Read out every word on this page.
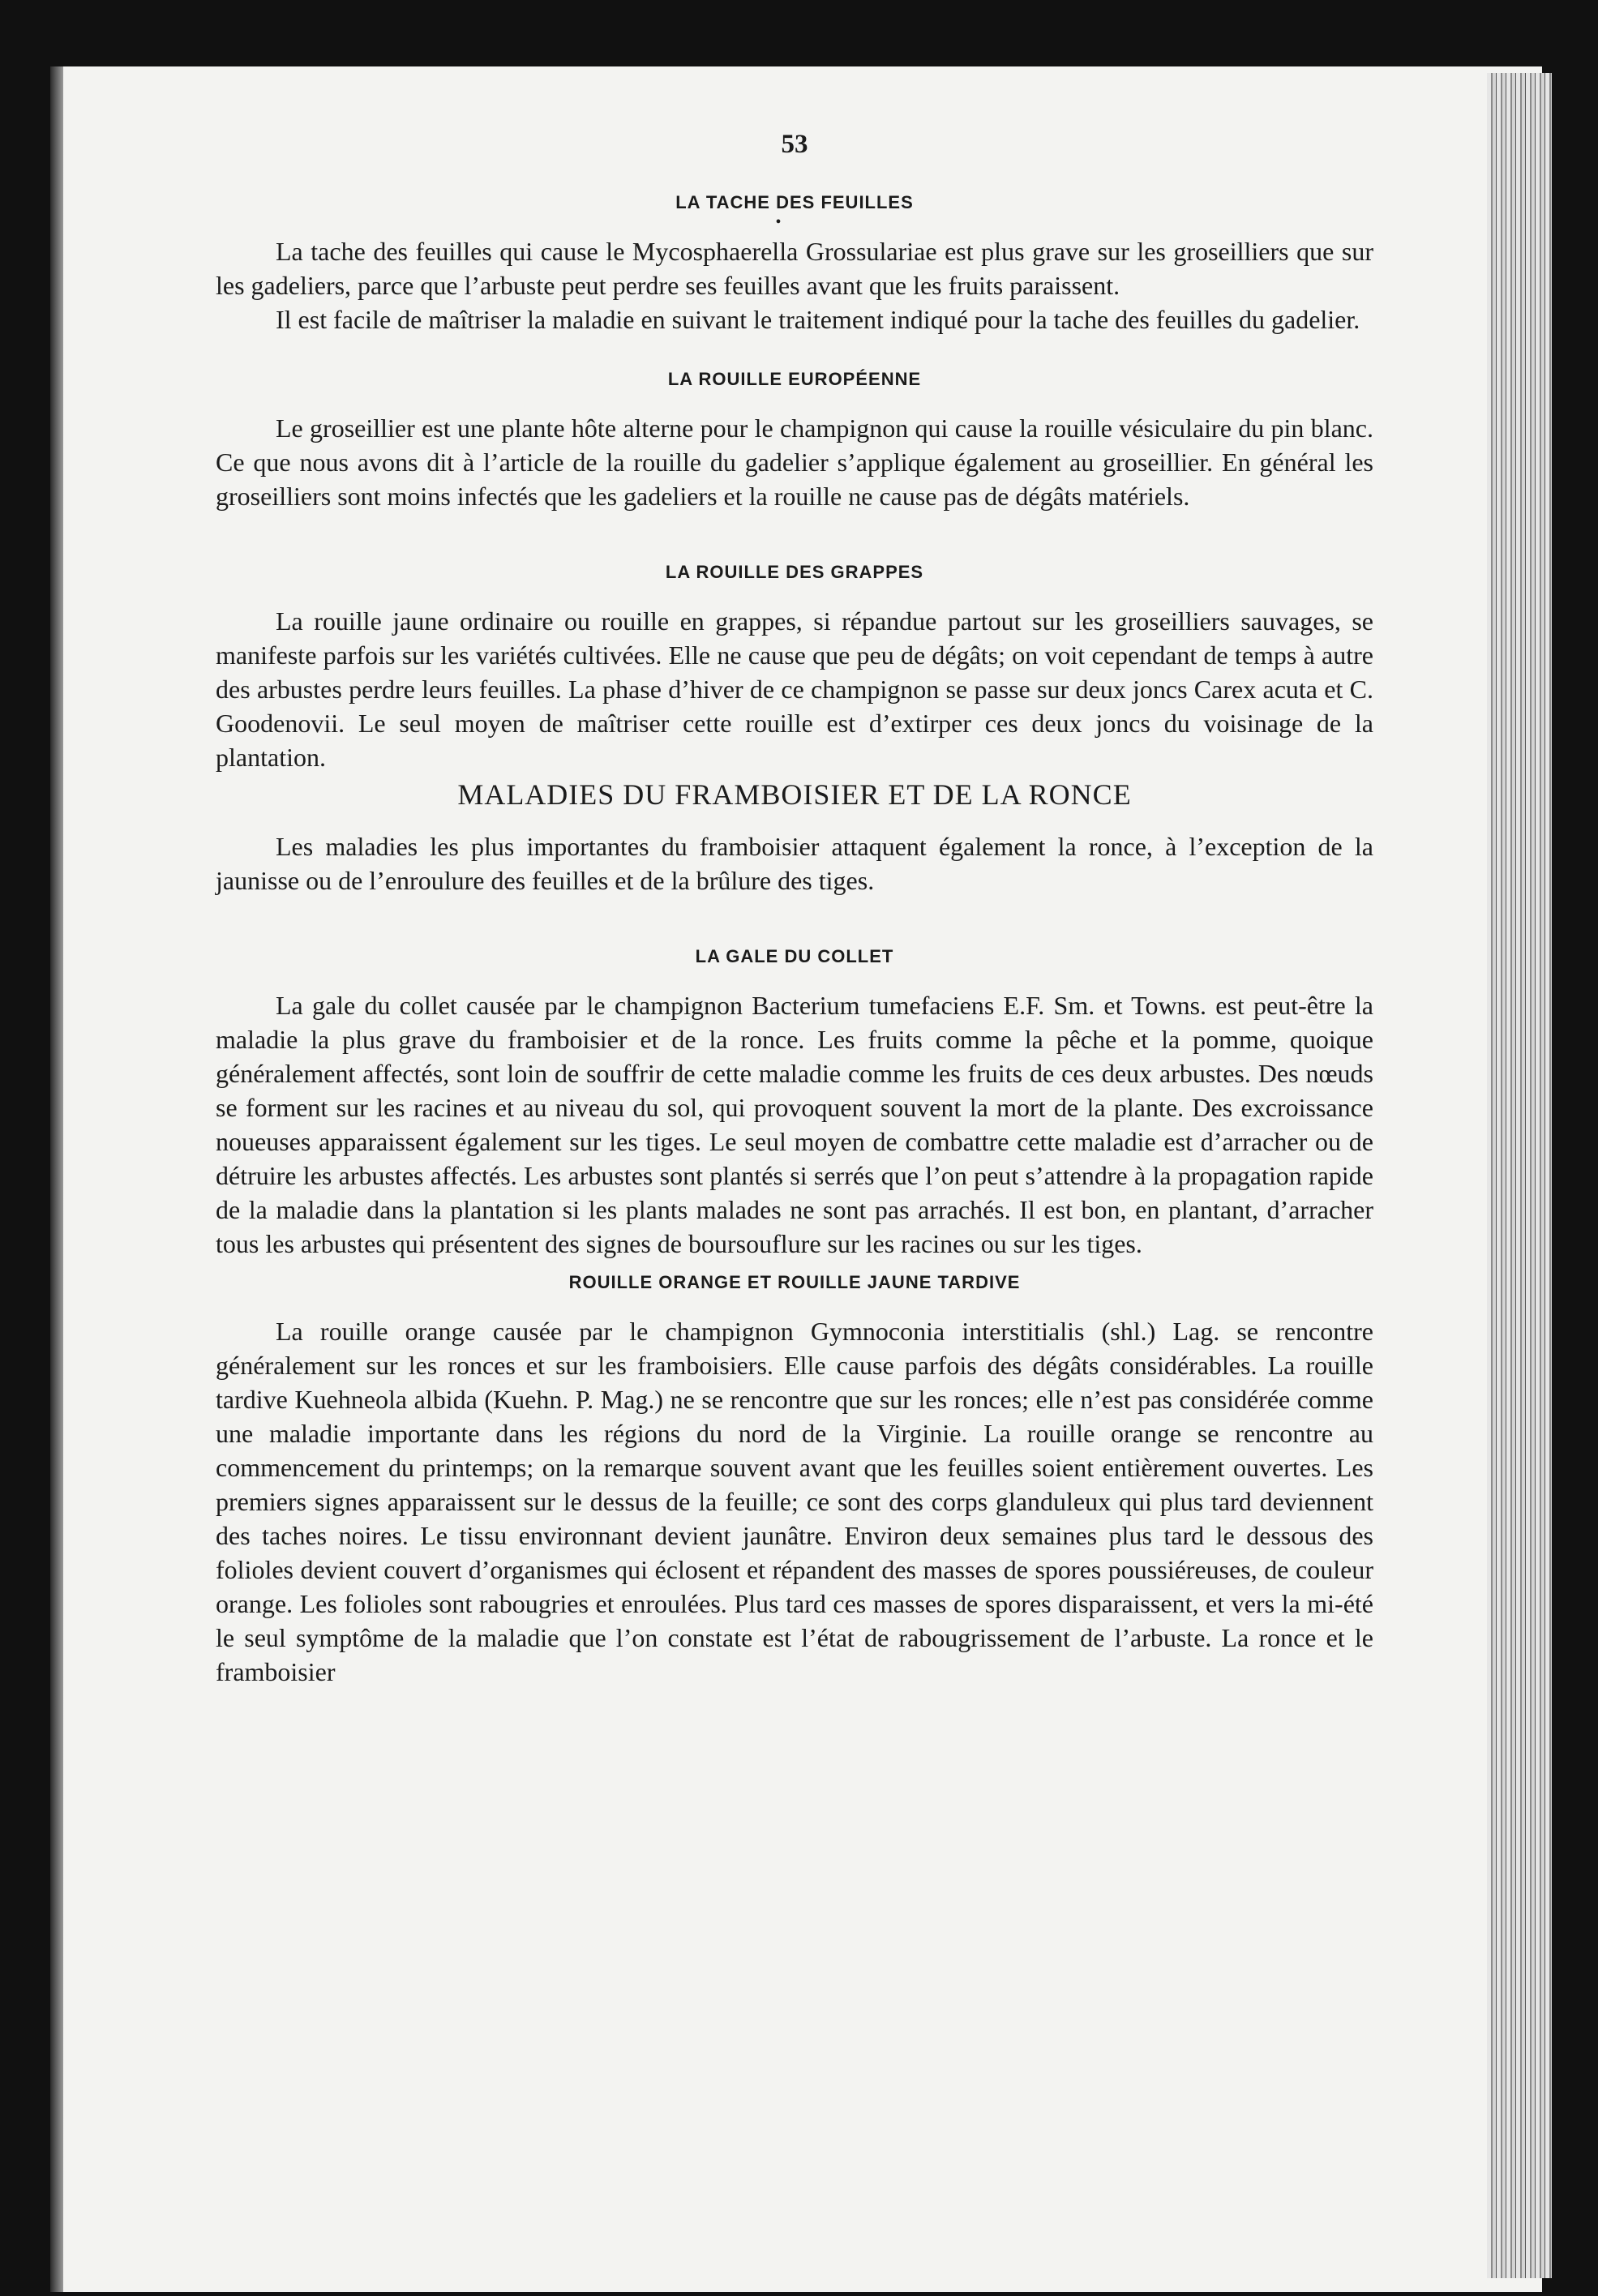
53
LA TACHE DES FEUILLES
•

La tache des feuilles qui cause le Mycosphaerella Grossulariae est plus grave sur les groseilliers que sur les gadeliers, parce que l’arbuste peut perdre ses feuilles avant que les fruits paraissent.

Il est facile de maîtriser la maladie en suivant le traitement indiqué pour la tache des feuilles du gadelier.

LA ROUILLE EUROPÉENNE

Le groseillier est une plante hôte alterne pour le champignon qui cause la rouille vésiculaire du pin blanc. Ce que nous avons dit à l’article de la rouille du gadelier s’applique également au groseillier. En général les groseilliers sont moins infectés que les gadeliers et la rouille ne cause pas de dégâts matériels.

LA ROUILLE DES GRAPPES

La rouille jaune ordinaire ou rouille en grappes, si répandue partout sur les groseilliers sauvages, se manifeste parfois sur les variétés cultivées. Elle ne cause que peu de dégâts; on voit cependant de temps à autre des arbustes perdre leurs feuilles. La phase d’hiver de ce champignon se passe sur deux joncs Carex acuta et C. Goodenovii. Le seul moyen de maîtriser cette rouille est d’extirper ces deux joncs du voisinage de la plantation.

MALADIES DU FRAMBOISIER ET DE LA RONCE

Les maladies les plus importantes du framboisier attaquent également la ronce, à l’exception de la jaunisse ou de l’enroulure des feuilles et de la brûlure des tiges.

LA GALE DU COLLET

La gale du collet causée par le champignon Bacterium tumefaciens E.F. Sm. et Towns. est peut-être la maladie la plus grave du framboisier et de la ronce. Les fruits comme la pêche et la pomme, quoique généralement affectés, sont loin de souffrir de cette maladie comme les fruits de ces deux arbustes. Des nœuds se forment sur les racines et au niveau du sol, qui provoquent souvent la mort de la plante. Des excroissance noueuses apparaissent également sur les tiges. Le seul moyen de combattre cette maladie est d’arracher ou de détruire les arbustes affectés. Les arbustes sont plantés si serrés que l’on peut s’attendre à la propagation rapide de la maladie dans la plantation si les plants malades ne sont pas arrachés. Il est bon, en plantant, d’arracher tous les arbustes qui présentent des signes de boursouflure sur les racines ou sur les tiges.

ROUILLE ORANGE ET ROUILLE JAUNE TARDIVE

La rouille orange causée par le champignon Gymnoconia interstitialis (shl.) Lag. se rencontre généralement sur les ronces et sur les framboisiers. Elle cause parfois des dégâts considérables. La rouille tardive Kuehneola albida (Kuehn. P. Mag.) ne se rencontre que sur les ronces; elle n’est pas considérée comme une maladie importante dans les régions du nord de la Virginie. La rouille orange se rencontre au commencement du printemps; on la remarque souvent avant que les feuilles soient entièrement ouvertes. Les premiers signes apparaissent sur le dessus de la feuille; ce sont des corps glanduleux qui plus tard deviennent des taches noires. Le tissu environnant devient jaunâtre. Environ deux semaines plus tard le dessous des folioles devient couvert d’organismes qui éclosent et répandent des masses de spores poussiéreuses, de couleur orange. Les folioles sont rabougries et enroulées. Plus tard ces masses de spores disparaissent, et vers la mi-été le seul symptôme de la maladie que l’on constate est l’état de rabougrissement de l’arbuste. La ronce et le framboisier
